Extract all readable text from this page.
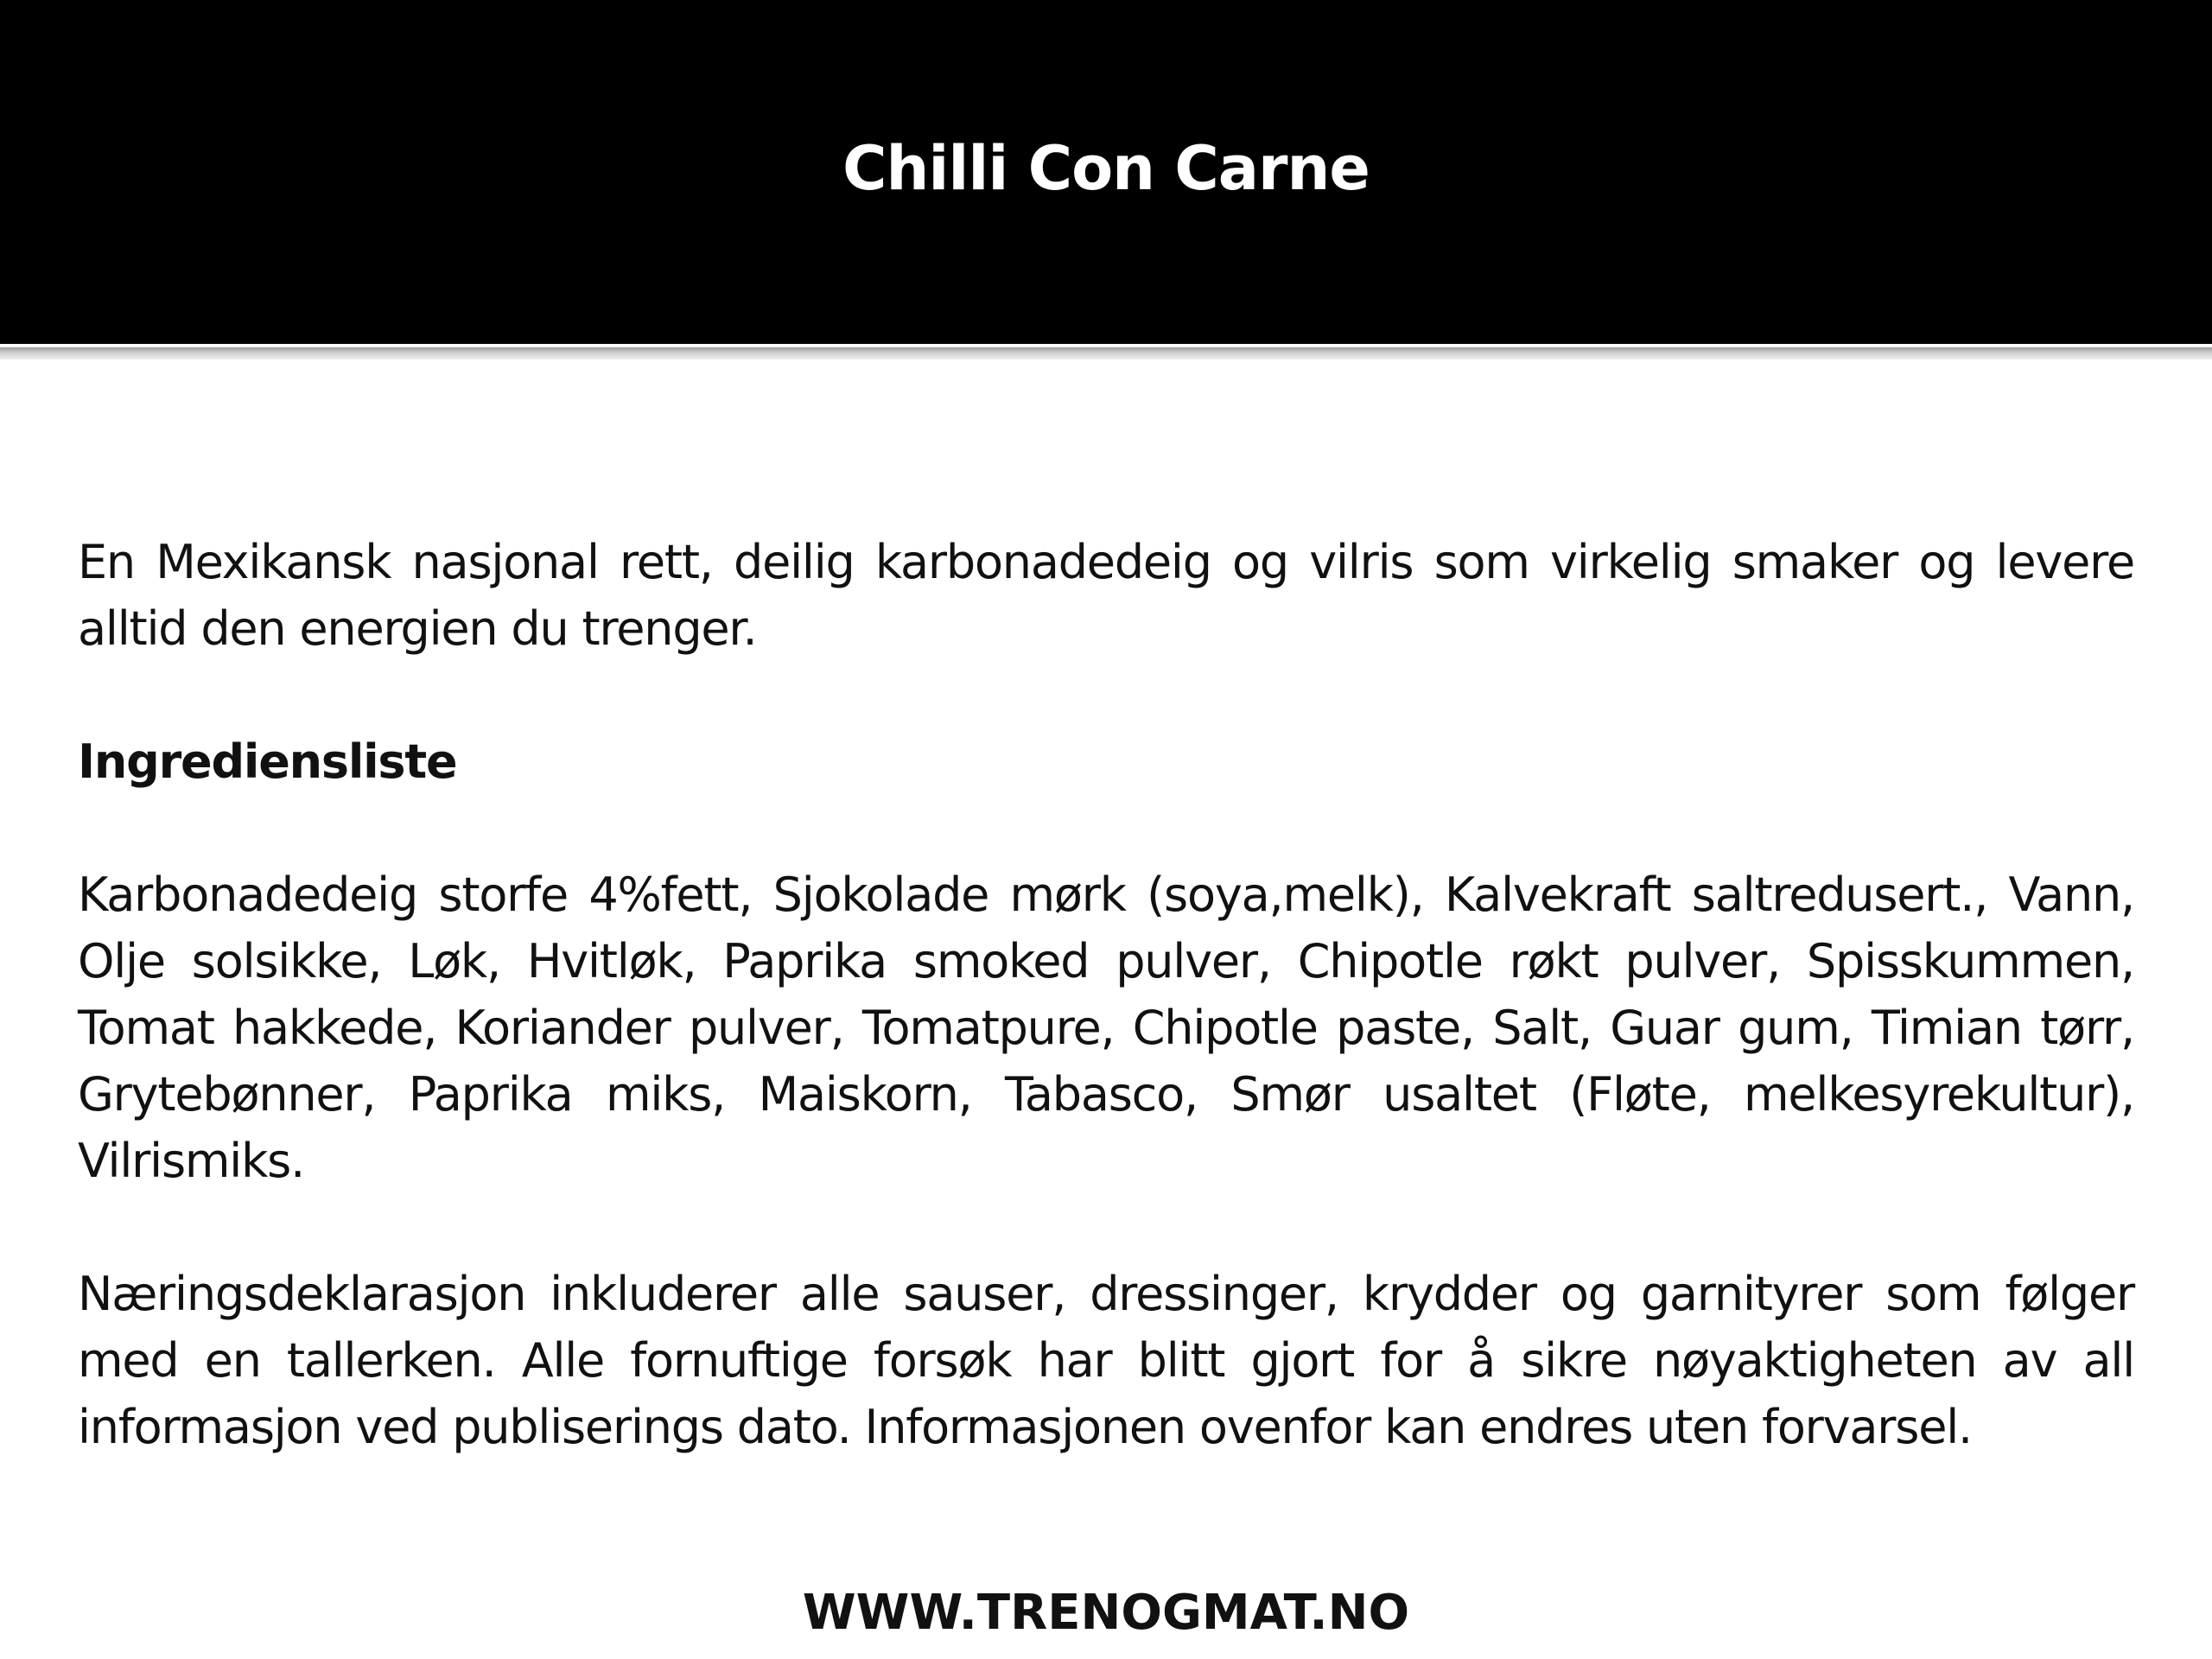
Chilli Con Carne

En Mexikansk nasjonal rett, deilig karbonadedeig og vilris som virkelig smaker og levere alltid den energien du trenger.

Ingrediensliste

Karbonadedeig storfe 4%fett, Sjokolade mørk (soya,melk), Kalvekraft saltredusert., Vann, Olje solsikke, Løk, Hvitløk, Paprika smoked pulver, Chipotle røkt pulver, Spisskummen, Tomat hakkede, Koriander pulver, Tomatpure, Chipotle paste, Salt, Guar gum, Timian tørr, Grytebønner, Paprika miks, Maiskorn, Tabasco, Smør usaltet (Fløte, melkesyrekultur), Vilrismiks.

Næringsdeklarasjon inkluderer alle sauser, dressinger, krydder og garnityrer som følger med en tallerken. Alle fornuftige forsøk har blitt gjort for å sikre nøyaktigheten av all informasjon ved publiserings dato. Informasjonen ovenfor kan endres uten forvarsel.

WWW.TRENOGMAT.NO
